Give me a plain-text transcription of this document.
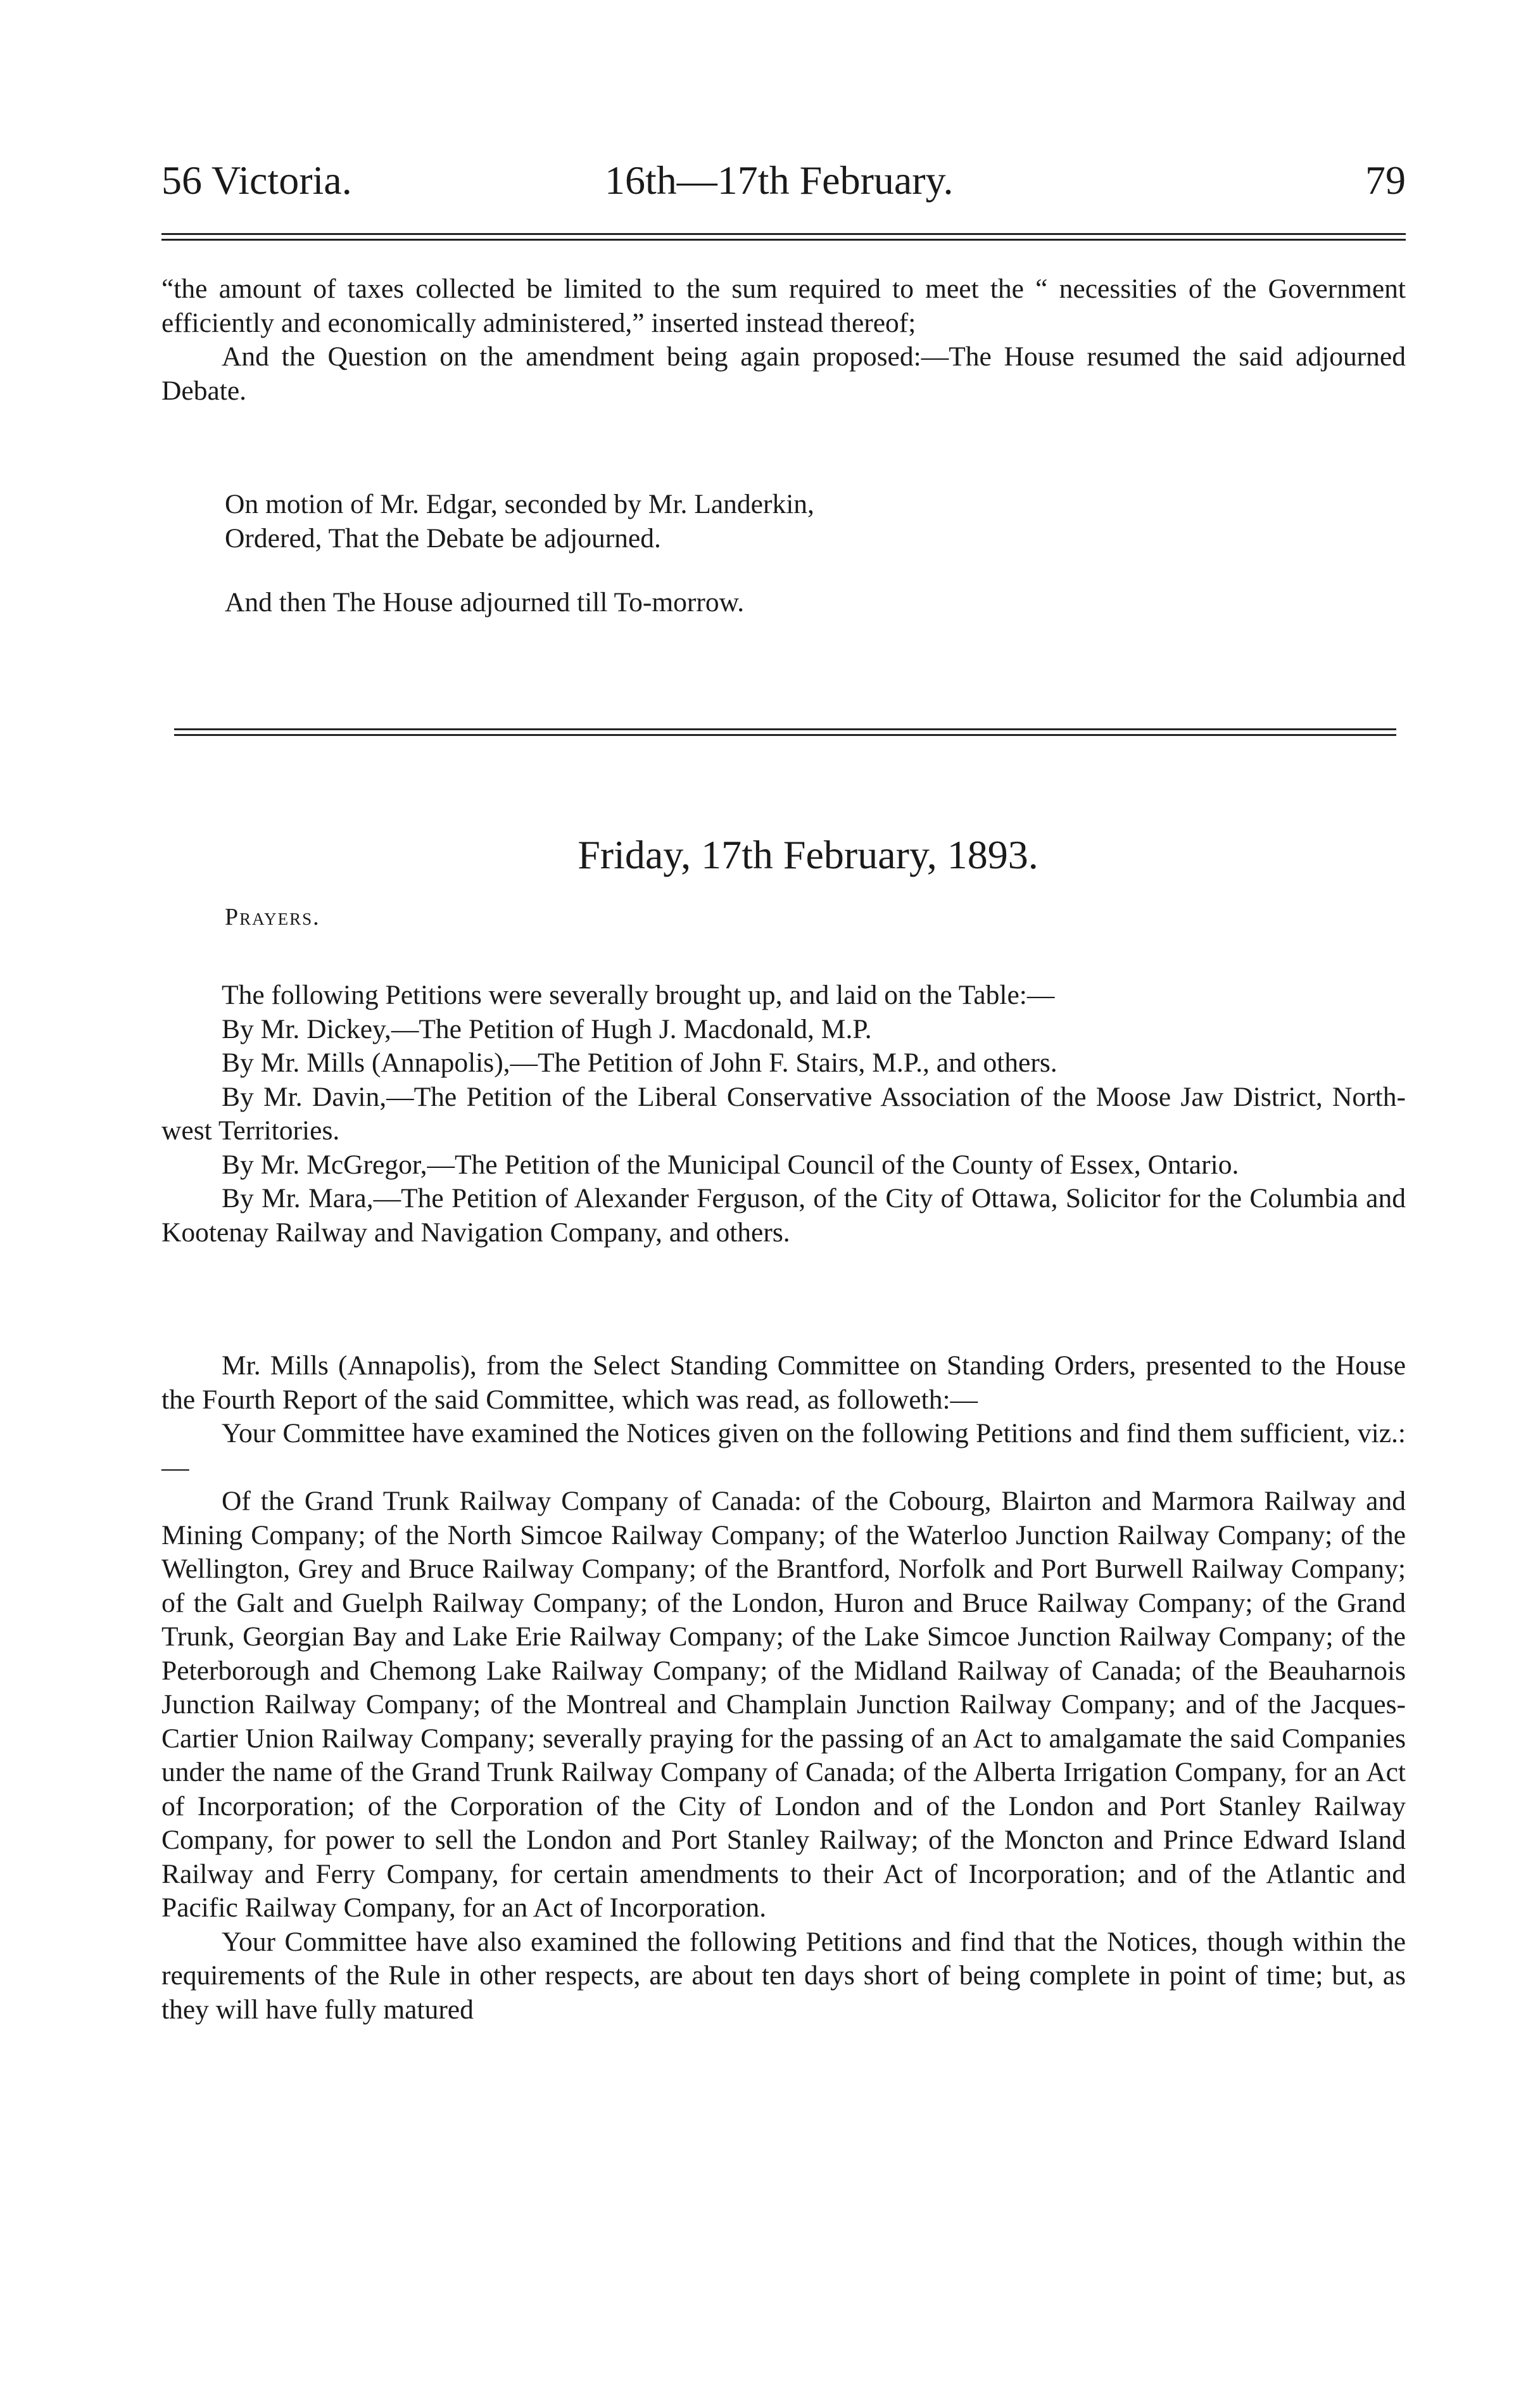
56 Victoria.	16th—17th February.	79

“the amount of taxes collected be limited to the sum required to meet the “ necessities of the Government efficiently and economically administered,” inserted instead thereof;

And the Question on the amendment being again proposed:—The House resumed the said adjourned Debate.

On motion of Mr. Edgar, seconded by Mr. Landerkin,

Ordered, That the Debate be adjourned.

And then The House adjourned till To-morrow.

Friday, 17th February, 1893.
Prayers.

The following Petitions were severally brought up, and laid on the Table:—

By Mr. Dickey,—The Petition of Hugh J. Macdonald, M.P.

By Mr. Mills (Annapolis),—The Petition of John F. Stairs, M.P., and others.

By Mr. Davin,—The Petition of the Liberal Conservative Association of the Moose Jaw District, North-west Territories.

By Mr. McGregor,—The Petition of the Municipal Council of the County of Essex, Ontario.

By Mr. Mara,—The Petition of Alexander Ferguson, of the City of Ottawa, Solicitor for the Columbia and Kootenay Railway and Navigation Company, and others.

Mr. Mills (Annapolis), from the Select Standing Committee on Standing Orders, presented to the House the Fourth Report of the said Committee, which was read, as followeth:—

Your Committee have examined the Notices given on the following Petitions and find them sufficient, viz.:—

Of the Grand Trunk Railway Company of Canada: of the Cobourg, Blairton and Marmora Railway and Mining Company; of the North Simcoe Railway Company; of the Waterloo Junction Railway Company; of the Wellington, Grey and Bruce Railway Company; of the Brantford, Norfolk and Port Burwell Railway Company; of the Galt and Guelph Railway Company; of the London, Huron and Bruce Railway Company; of the Grand Trunk, Georgian Bay and Lake Erie Railway Company; of the Lake Simcoe Junction Railway Company; of the Peterborough and Chemong Lake Railway Company; of the Midland Railway of Canada; of the Beauharnois Junction Railway Company; of the Montreal and Champlain Junction Railway Company; and of the Jacques-Cartier Union Railway Company; severally praying for the passing of an Act to amalgamate the said Companies under the name of the Grand Trunk Railway Company of Canada; of the Alberta Irrigation Company, for an Act of Incorporation; of the Corporation of the City of London and of the London and Port Stanley Railway Company, for power to sell the London and Port Stanley Railway; of the Moncton and Prince Edward Island Railway and Ferry Company, for certain amendments to their Act of Incorporation; and of the Atlantic and Pacific Railway Company, for an Act of Incorporation.

Your Committee have also examined the following Petitions and find that the Notices, though within the requirements of the Rule in other respects, are about ten days short of being complete in point of time; but, as they will have fully matured
